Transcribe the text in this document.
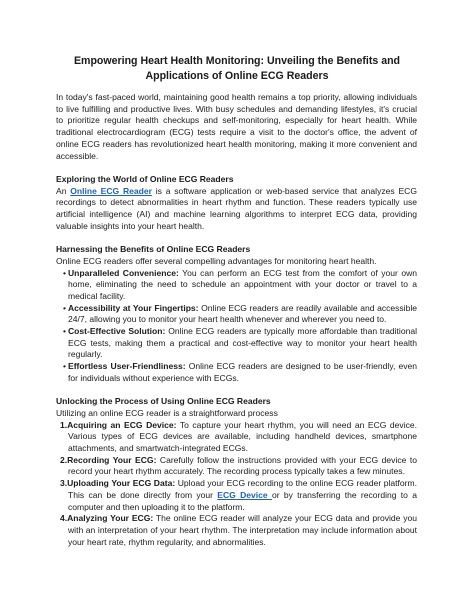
Empowering Heart Health Monitoring: Unveiling the Benefits and Applications of Online ECG Readers

In today's fast-paced world, maintaining good health remains a top priority, allowing individuals to live fulfilling and productive lives. With busy schedules and demanding lifestyles, it's crucial to prioritize regular health checkups and self-monitoring, especially for heart health. While traditional electrocardiogram (ECG) tests require a visit to the doctor's office, the advent of online ECG readers has revolutionized heart health monitoring, making it more convenient and accessible.

Exploring the World of Online ECG Readers

An Online ECG Reader is a software application or web-based service that analyzes ECG recordings to detect abnormalities in heart rhythm and function. These readers typically use artificial intelligence (AI) and machine learning algorithms to interpret ECG data, providing valuable insights into your heart health.

Harnessing the Benefits of Online ECG Readers

Online ECG readers offer several compelling advantages for monitoring heart health.

• Unparalleled Convenience: You can perform an ECG test from the comfort of your own home, eliminating the need to schedule an appointment with your doctor or travel to a medical facility.
• Accessibility at Your Fingertips: Online ECG readers are readily available and accessible 24/7, allowing you to monitor your heart health whenever and wherever you need to.
• Cost-Effective Solution: Online ECG readers are typically more affordable than traditional ECG tests, making them a practical and cost-effective way to monitor your heart health regularly.
• Effortless User-Friendliness: Online ECG readers are designed to be user-friendly, even for individuals without experience with ECGs.
Unlocking the Process of Using Online ECG Readers

Utilizing an online ECG reader is a straightforward process

1.Acquiring an ECG Device: To capture your heart rhythm, you will need an ECG device. Various types of ECG devices are available, including handheld devices, smartphone attachments, and smartwatch-integrated ECGs.
2.Recording Your ECG: Carefully follow the instructions provided with your ECG device to record your heart rhythm accurately. The recording process typically takes a few minutes.
3.Uploading Your ECG Data: Upload your ECG recording to the online ECG reader platform. This can be done directly from your ECG Device or by transferring the recording to a computer and then uploading it to the platform.
4.Analyzing Your ECG: The online ECG reader will analyze your ECG data and provide you with an interpretation of your heart rhythm. The interpretation may include information about your heart rate, rhythm regularity, and abnormalities.
